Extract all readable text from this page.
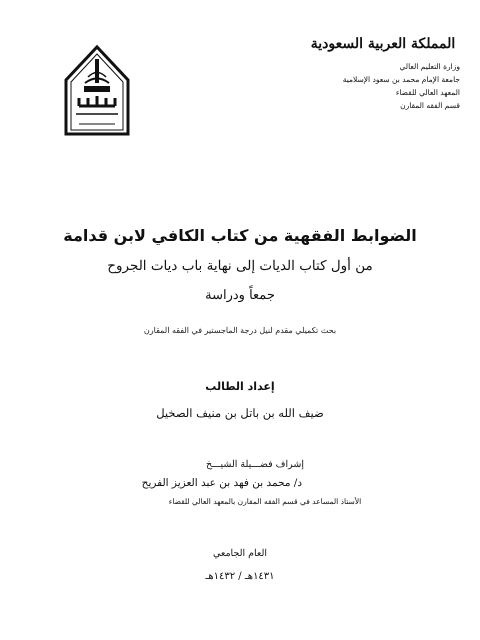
المملكة العربية السعودية
وزارة التعليم العالي
جامعة الإمام محمد بن سعود الإسلامية
المعهد العالي للقضاء
قسم الفقه المقارن
الضوابط الفقهية من كتاب الكافي لابن قدامة
من أول كتاب الديات إلى نهاية باب ديات الجروح
جمعاً ودراسة
بحث تكميلي مقدم لنيل درجة الماجستير في الفقه المقارن
إعداد الطالب
ضيف الله بن باتل بن منيف الصخيل
إشراف فضـــيلة الشيـــخ
د/ محمد بن فهد بن عبد العزيز الفريح
الأستاذ المساعد في قسم الفقه المقارن بالمعهد العالي للقضاء
العام الجامعي
١٤٣١هـ / ١٤٣٢هـ
